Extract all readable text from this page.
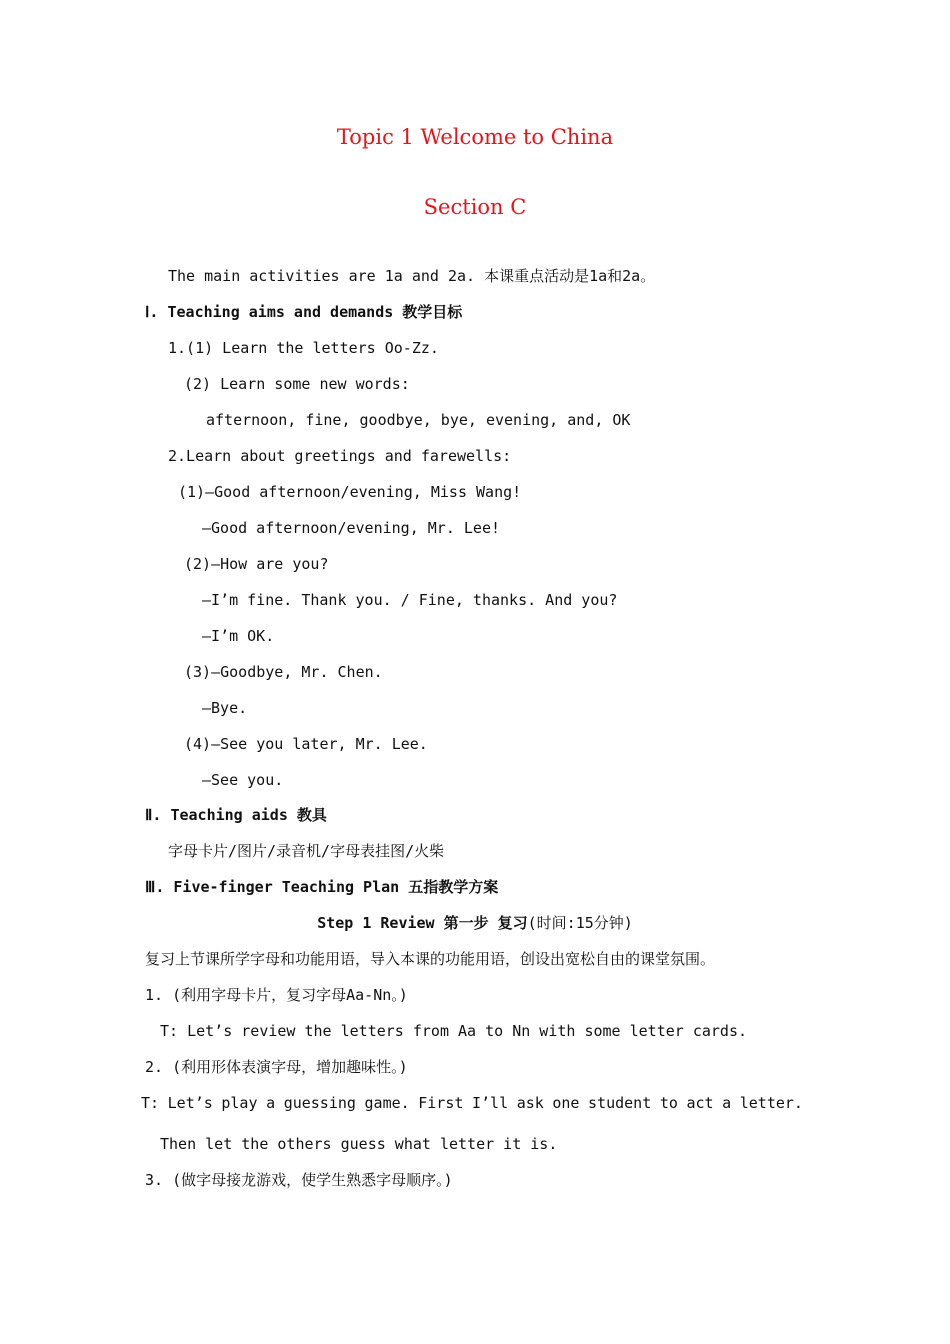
Topic 1 Welcome to China
Section C
The main activities are 1a and 2a. 本课重点活动是1a和2a。
Ⅰ. Teaching aims and demands 教学目标
1.(1) Learn the letters Oo-Zz.
(2) Learn some new words:
afternoon, fine, goodbye, bye, evening, and, OK
2.Learn about greetings and farewells:
(1)—Good afternoon/evening, Miss Wang!
—Good afternoon/evening, Mr. Lee!
(2)—How are you?
—I’m fine. Thank you. / Fine, thanks. And you?
—I’m OK.
(3)—Goodbye, Mr. Chen.
—Bye.
(4)—See you later, Mr. Lee.
—See you.
Ⅱ. Teaching aids 教具
字母卡片/图片/录音机/字母表挂图/火柴
Ⅲ. Five-finger Teaching Plan 五指教学方案
Step 1 Review 第一步 复习(时间:15分钟)
复习上节课所学字母和功能用语，导入本课的功能用语，创设出宽松自由的课堂氛围。
1. (利用字母卡片，复习字母Aa-Nn。)
T: Let’s review the letters from Aa to Nn with some letter cards.
2. (利用形体表演字母，增加趣味性。)
T: Let’s play a guessing game. First I’ll ask one student to act a letter.
Then let the others guess what letter it is.
3. (做字母接龙游戏，使学生熟悉字母顺序。)
